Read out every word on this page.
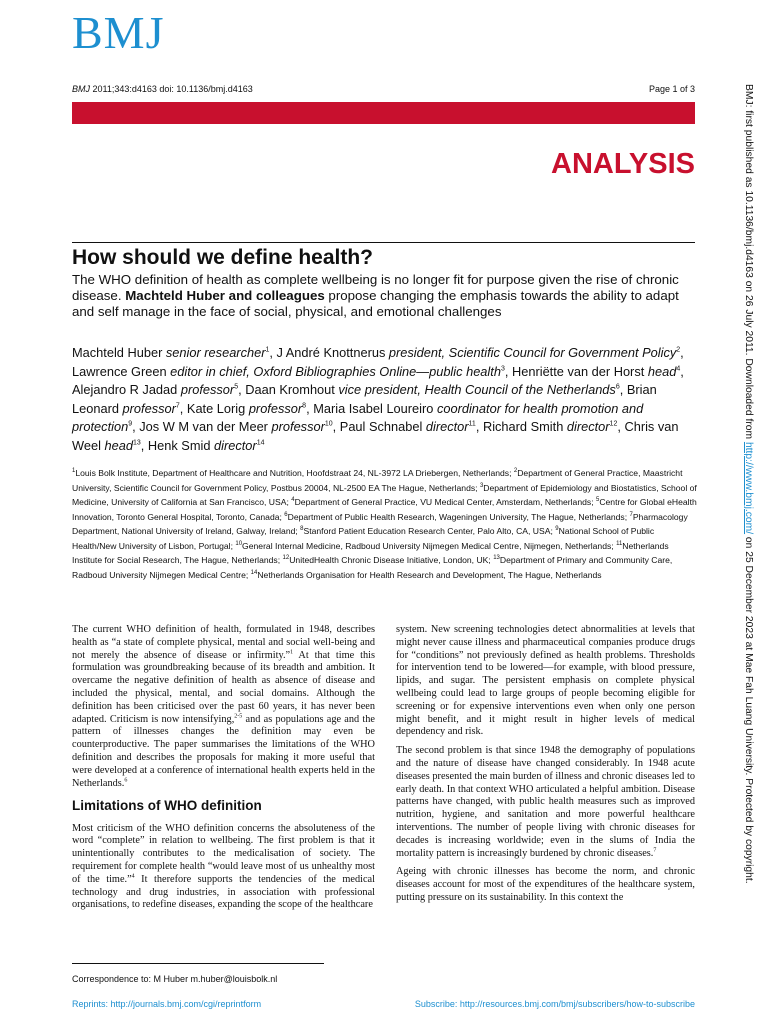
BMJ
BMJ 2011;343:d4163 doi: 10.1136/bmj.d4163	Page 1 of 3
ANALYSIS
How should we define health?
The WHO definition of health as complete wellbeing is no longer fit for purpose given the rise of chronic disease. Machteld Huber and colleagues propose changing the emphasis towards the ability to adapt and self manage in the face of social, physical, and emotional challenges
Machteld Huber senior researcher$^1$, J André Knottnerus president, Scientific Council for Government Policy$^2$, Lawrence Green editor in chief, Oxford Bibliographies Online—public health$^3$, Henriëtte van der Horst head$^4$, Alejandro R Jadad professor$^5$, Daan Kromhout vice president, Health Council of the Netherlands$^6$, Brian Leonard professor$^7$, Kate Lorig professor$^8$, Maria Isabel Loureiro coordinator for health promotion and protection$^9$, Jos W M van der Meer professor$^{10}$, Paul Schnabel director$^{11}$, Richard Smith director$^{12}$, Chris van Weel head$^{13}$, Henk Smid director$^{14}$
$^1$Louis Bolk Institute, Department of Healthcare and Nutrition, Hoofdstraat 24, NL-3972 LA Driebergen, Netherlands; $^2$Department of General Practice, Maastricht University, Scientific Council for Government Policy, Postbus 20004, NL-2500 EA The Hague, Netherlands; $^3$Department of Epidemiology and Biostatistics, School of Medicine, University of California at San Francisco, USA; $^4$Department of General Practice, VU Medical Center, Amsterdam, Netherlands; $^5$Centre for Global eHealth Innovation, Toronto General Hospital, Toronto, Canada; $^6$Department of Public Health Research, Wageningen University, The Hague, Netherlands; $^7$Pharmacology Department, National University of Ireland, Galway, Ireland; $^8$Stanford Patient Education Research Center, Palo Alto, CA, USA; $^9$National School of Public Health/New University of Lisbon, Portugal; $^{10}$General Internal Medicine, Radboud University Nijmegen Medical Centre, Nijmegen, Netherlands; $^{11}$Netherlands Institute for Social Research, The Hague, Netherlands; $^{12}$UnitedHealth Chronic Disease Initiative, London, UK; $^{13}$Department of Primary and Community Care, Radboud University Nijmegen Medical Centre; $^{14}$Netherlands Organisation for Health Research and Development, The Hague, Netherlands

The current WHO definition of health, formulated in 1948, describes health as “a state of complete physical, mental and social well-being and not merely the absence of disease or infirmity.”$^1$ At that time this formulation was groundbreaking because of its breadth and ambition. It overcame the negative definition of health as absence of disease and included the physical, mental, and social domains. Although the definition has been criticised over the past 60 years, it has never been adapted. Criticism is now intensifying,$^{2-5}$ and as populations age and the pattern of illnesses changes the definition may even be counterproductive. The paper summarises the limitations of the WHO definition and describes the proposals for making it more useful that were developed at a conference of international health experts held in the Netherlands.$^6$

Limitations of WHO definition

Most criticism of the WHO definition concerns the absoluteness of the word “complete” in relation to wellbeing. The first problem is that it unintentionally contributes to the medicalisation of society. The requirement for complete health “would leave most of us unhealthy most of the time.”$^4$ It therefore supports the tendencies of the medical technology and drug industries, in association with professional organisations, to redefine diseases, expanding the scope of the healthcare

system. New screening technologies detect abnormalities at levels that might never cause illness and pharmaceutical companies produce drugs for “conditions” not previously defined as health problems. Thresholds for intervention tend to be lowered—for example, with blood pressure, lipids, and sugar. The persistent emphasis on complete physical wellbeing could lead to large groups of people becoming eligible for screening or for expensive interventions even when only one person might benefit, and it might result in higher levels of medical dependency and risk.

The second problem is that since 1948 the demography of populations and the nature of disease have changed considerably. In 1948 acute diseases presented the main burden of illness and chronic diseases led to early death. In that context WHO articulated a helpful ambition. Disease patterns have changed, with public health measures such as improved nutrition, hygiene, and sanitation and more powerful healthcare interventions. The number of people living with chronic diseases for decades is increasing worldwide; even in the slums of India the mortality pattern is increasingly burdened by chronic diseases.$^7$

Ageing with chronic illnesses has become the norm, and chronic diseases account for most of the expenditures of the healthcare system, putting pressure on its sustainability. In this context the

Correspondence to: M Huber m.huber@louisbolk.nl
Reprints: http://journals.bmj.com/cgi/reprintform	Subscribe: http://resources.bmj.com/bmj/subscribers/how-to-subscribe
BMJ: first published as 10.1136/bmj.d4163 on 26 July 2011. Downloaded from http://www.bmj.com/ on 25 December 2023 at Mae Fah Luang University. Protected by copyright.
